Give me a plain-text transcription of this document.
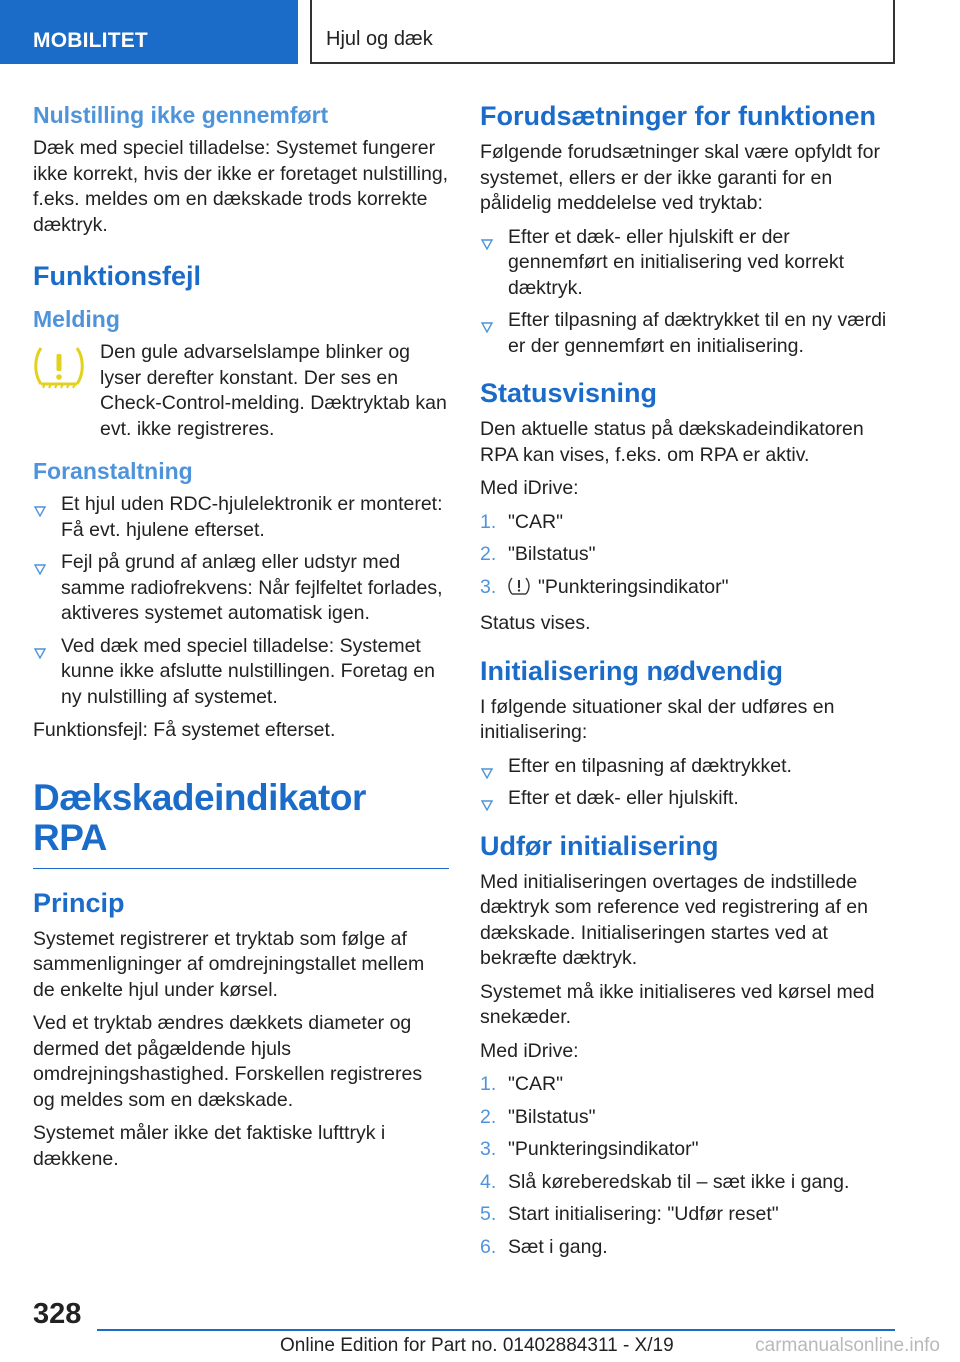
MOBILITET	Hjul og dæk
Nulstilling ikke gennemført

Dæk med speciel tilladelse: Systemet fungerer ikke korrekt, hvis der ikke er foretaget nulstilling, f.eks. meldes om en dækskade trods korrekte dæktryk.

Funktionsfejl
Melding

Den gule advarselslampe blinker og lyser derefter konstant. Der ses en Check-Control-melding. Dæktryktab kan evt. ikke registreres.

Foranstaltning
Et hjul uden RDC-hjulelektronik er monteret: Få evt. hjulene efterset.
Fejl på grund af anlæg eller udstyr med samme radiofrekvens: Når fejlfeltet forlades, aktiveres systemet automatisk igen.
Ved dæk med speciel tilladelse: Systemet kunne ikke afslutte nulstillingen. Foretag en ny nulstilling af systemet.

Funktionsfejl: Få systemet efterset.

Dækskadeindikator RPA
Princip

Systemet registrerer et tryktab som følge af sammenligninger af omdrejningstallet mellem de enkelte hjul under kørsel.

Ved et tryktab ændres dækkets diameter og dermed det pågældende hjuls omdrejningshastighed. Forskellen registreres og meldes som en dækskade.

Systemet måler ikke det faktiske lufttryk i dækkene.

Forudsætninger for funktionen

Følgende forudsætninger skal være opfyldt for systemet, ellers er der ikke garanti for en pålidelig meddelelse ved tryktab:

Efter et dæk- eller hjulskift er der gennemført en initialisering ved korrekt dæktryk.
Efter tilpasning af dæktrykket til en ny værdi er der gennemført en initialisering.
Statusvisning

Den aktuelle status på dækskadeindikatoren RPA kan vises, f.eks. om RPA er aktiv.

Med iDrive:

1. "CAR"
2. "Bilstatus"
3. "Punkteringsindikator"

Status vises.

Initialisering nødvendig

I følgende situationer skal der udføres en initialisering:

Efter en tilpasning af dæktrykket.
Efter et dæk- eller hjulskift.
Udfør initialisering

Med initialiseringen overtages de indstillede dæktryk som reference ved registrering af en dækskade. Initialiseringen startes ved at bekræfte dæktryk.

Systemet må ikke initialiseres ved kørsel med snekæder.

Med iDrive:

1. "CAR"
2. "Bilstatus"
3. "Punkteringsindikator"
4. Slå køreberedskab til – sæt ikke i gang.
5. Start initialisering: "Udfør reset"
6. Sæt i gang.
328
Online Edition for Part no. 01402884311 - X/19	carmanualsonline.info
